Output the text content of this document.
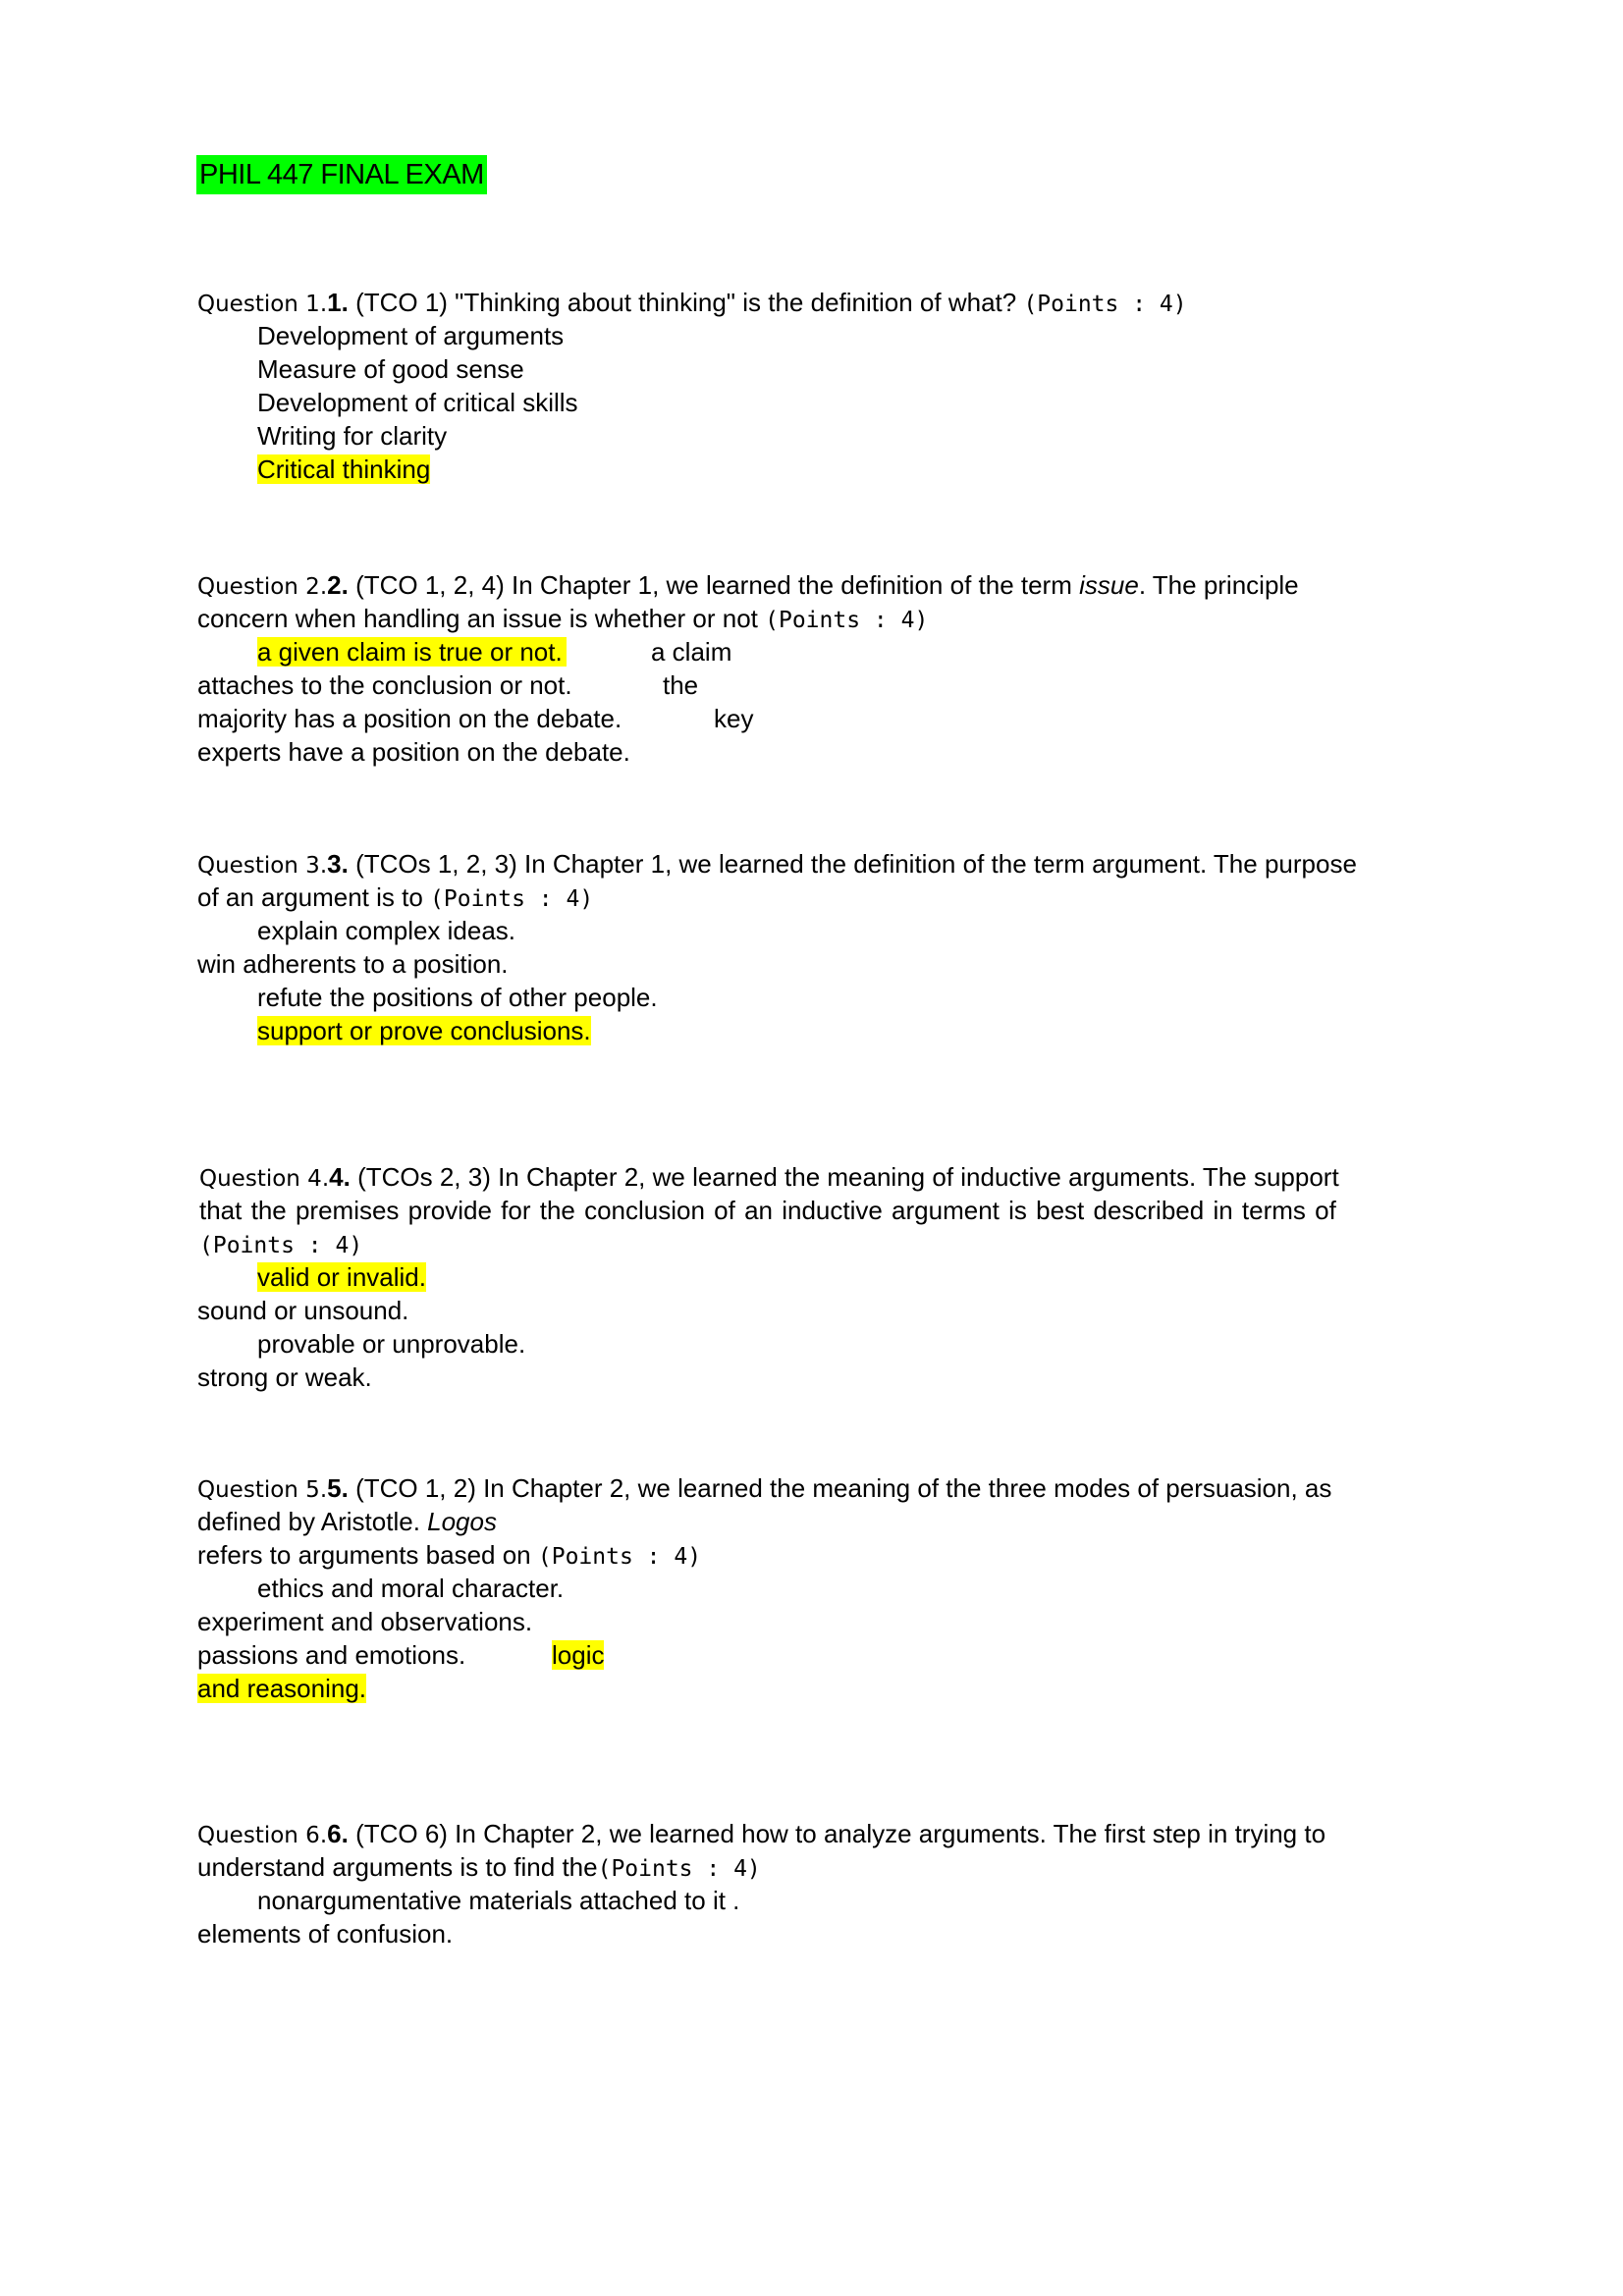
PHIL 447 FINAL EXAM
Question 1.1. (TCO 1) "Thinking about thinking" is the definition of what? (Points : 4)
Development of arguments
Measure of good sense
Development of critical skills
Writing for clarity
Critical thinking
Question 2.2. (TCO 1, 2, 4) In Chapter 1, we learned the definition of the term issue. The principle
concern when handling an issue is whether or not (Points : 4)
a given claim is true or not.	a claim
attaches to the conclusion or not.	the
majority has a position on the debate.	key
experts have a position on the debate.
Question 3.3. (TCOs 1, 2, 3) In Chapter 1, we learned the definition of the term argument. The purpose
of an argument is to (Points : 4)
explain complex ideas.
win adherents to a position.
refute the positions of other people.
support or prove conclusions.
Question 4.4. (TCOs 2, 3) In Chapter 2, we learned the meaning of inductive arguments. The support
that the premises provide for the conclusion of an inductive argument is best described in terms of
(Points : 4)
valid or invalid.
sound or unsound.
provable or unprovable.
strong or weak.
Question 5.5. (TCO 1, 2) In Chapter 2, we learned the meaning of the three modes of persuasion, as
defined by Aristotle. Logos
refers to arguments based on (Points : 4)
ethics and moral character.
experiment and observations.
passions and emotions.	logic
and reasoning.
Question 6.6. (TCO 6) In Chapter 2, we learned how to analyze arguments. The first step in trying to
understand arguments is to find the(Points : 4)
nonargumentative materials attached to it .
elements of confusion.
